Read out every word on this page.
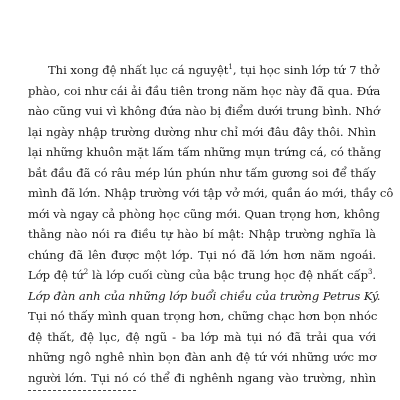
Thi xong đệ nhất lục cá nguyệt$^1$, tụi học sinh lớp tứ 7 thở
phào, coi như cái ải đầu tiên trong năm học này đã qua. Đứa
nào cũng vui vì không đứa nào bị điểm dưới trung bình. Nhớ
lại ngày nhập trường dường như chỉ mới đâu đây thôi. Nhìn
lại những khuôn mặt lấm tấm những mụn trứng cá, có thằng
bắt đầu đã có râu mép lún phún như tấm gương soi để thấy
mình đã lớn. Nhập trường với tập vở mới, quần áo mới, thầy cô
mới và ngay cả phòng học cũng mới. Quan trọng hơn, không
thằng nào nói ra điều tự hào bí mật: Nhập trường nghĩa là
chúng đã lên được một lớp. Tụi nó đã lớn hơn năm ngoái.
Lớp đệ tứ$^2$ là lớp cuối cùng của bậc trung học đệ nhất cấp$^3$.
Lớp đàn anh của những lớp buổi chiều của trường Petrus Ký.
Tụi nó thấy mình quan trọng hơn, chững chạc hơn bọn nhóc
đệ thất, đệ lục, đệ ngũ - ba lớp mà tụi nó đã trải qua với
những ngô nghê nhìn bọn đàn anh đệ tứ với những ước mơ
người lớn. Tụi nó có thể đi nghênh ngang vào trường, nhìn
